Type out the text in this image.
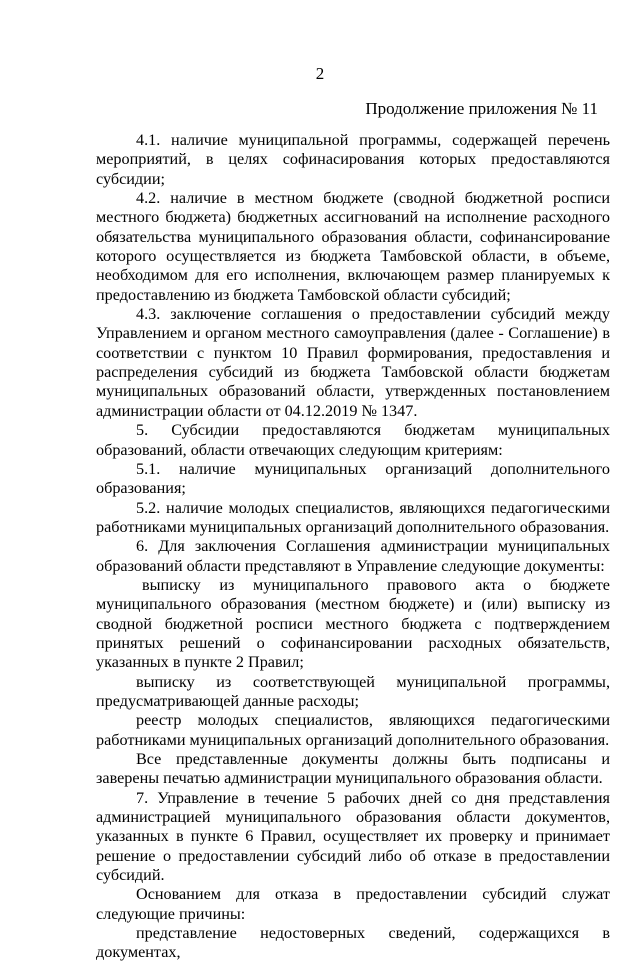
2
Продолжение приложения № 11

4.1. наличие муниципальной программы, содержащей перечень мероприятий, в целях софинасирования которых предоставляются субсидии;

4.2. наличие в местном бюджете (сводной бюджетной росписи местного бюджета) бюджетных ассигнований на исполнение расходного обязательства муниципального образования области, софинансирование которого осуществляется из бюджета Тамбовской области, в объеме, необходимом для его исполнения, включающем размер планируемых к предоставлению из бюджета Тамбовской области субсидий;

4.3. заключение соглашения о предоставлении субсидий между Управлением и органом местного самоуправления (далее - Соглашение) в соответствии с пунктом 10 Правил формирования, предоставления и распределения субсидий из бюджета Тамбовской области бюджетам муниципальных образований области, утвержденных постановлением администрации области от 04.12.2019 № 1347.

5. Субсидии предоставляются бюджетам муниципальных образований, области отвечающих следующим критериям:

5.1. наличие муниципальных организаций дополнительного образования;

5.2. наличие молодых специалистов, являющихся педагогическими работниками муниципальных организаций дополнительного образования.

6. Для заключения Соглашения администрации муниципальных образований области представляют в Управление следующие документы:

выписку из муниципального правового акта о бюджете муниципального образования (местном бюджете) и (или) выписку из сводной бюджетной росписи местного бюджета с подтверждением принятых решений о софинансировании расходных обязательств, указанных в пункте 2 Правил;

выписку из соответствующей муниципальной программы, предусматривающей данные расходы;

реестр молодых специалистов, являющихся педагогическими работниками муниципальных организаций дополнительного образования.

Все представленные документы должны быть подписаны и заверены печатью администрации муниципального образования области.

7. Управление в течение 5 рабочих дней со дня представления администрацией муниципального образования области документов, указанных в пункте 6 Правил, осуществляет их проверку и принимает решение о предоставлении субсидий либо об отказе в предоставлении субсидий.

Основанием для отказа в предоставлении субсидий служат следующие причины:

представление недостоверных сведений, содержащихся в документах,
